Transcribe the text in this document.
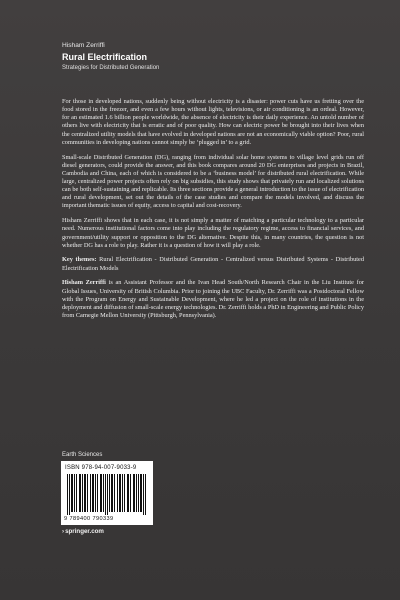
Hisham Zerriffi
Rural Electrification
Strategies for Distributed Generation

For those in developed nations, suddenly being without electricity is a disaster: power cuts have us fretting over the food stored in the freezer, and even a few hours without lights, televisions, or air conditioning is an ordeal. However, for an estimated 1.6 billion people worldwide, the absence of electricity is their daily experience. An untold number of others live with electricity that is erratic and of poor quality. How can electric power be brought into their lives when the centralized utility models that have evolved in developed nations are not an economically viable option? Poor, rural communities in developing nations cannot simply be ‘plugged in’ to a grid.

Small-scale Distributed Generation (DG), ranging from individual solar home systems to village level grids run off diesel generators, could provide the answer, and this book compares around 20 DG enterprises and projects in Brazil, Cambodia and China, each of which is considered to be a ‘business model’ for distributed rural electrification. While large, centralized power projects often rely on big subsidies, this study shows that privately run and localized solutions can be both self-sustaining and replicable. Its three sections provide a general introduction to the issue of electrification and rural development, set out the details of the case studies and compare the models involved, and discuss the important thematic issues of equity, access to capital and cost-recovery.

Hisham Zerriffi shows that in each case, it is not simply a matter of matching a particular technology to a particular need. Numerous institutional factors come into play including the regulatory regime, access to financial services, and government/utility support or opposition to the DG alternative. Despite this, in many countries, the question is not whether DG has a role to play. Rather it is a question of how it will play a role.

Key themes: Rural Electrification - Distributed Generation - Centralized versus Distributed Systems - Distributed Electrification Models

Hisham Zerriffi is an Assistant Professor and the Ivan Head South/North Research Chair in the Liu Institute for Global Issues, University of British Columbia. Prior to joining the UBC Faculty, Dr. Zerriffi was a Postdoctoral Fellow with the Program on Energy and Sustainable Development, where he led a project on the role of institutions in the deployment and diffusion of small-scale energy technologies. Dr. Zerriffi holds a PhD in Engineering and Public Policy from Carnegie Mellon University (Pittsburgh, Pennsylvania).

Earth Sciences
ISBN 978-94-007-9033-9
9 789400 790339
›springer.com
